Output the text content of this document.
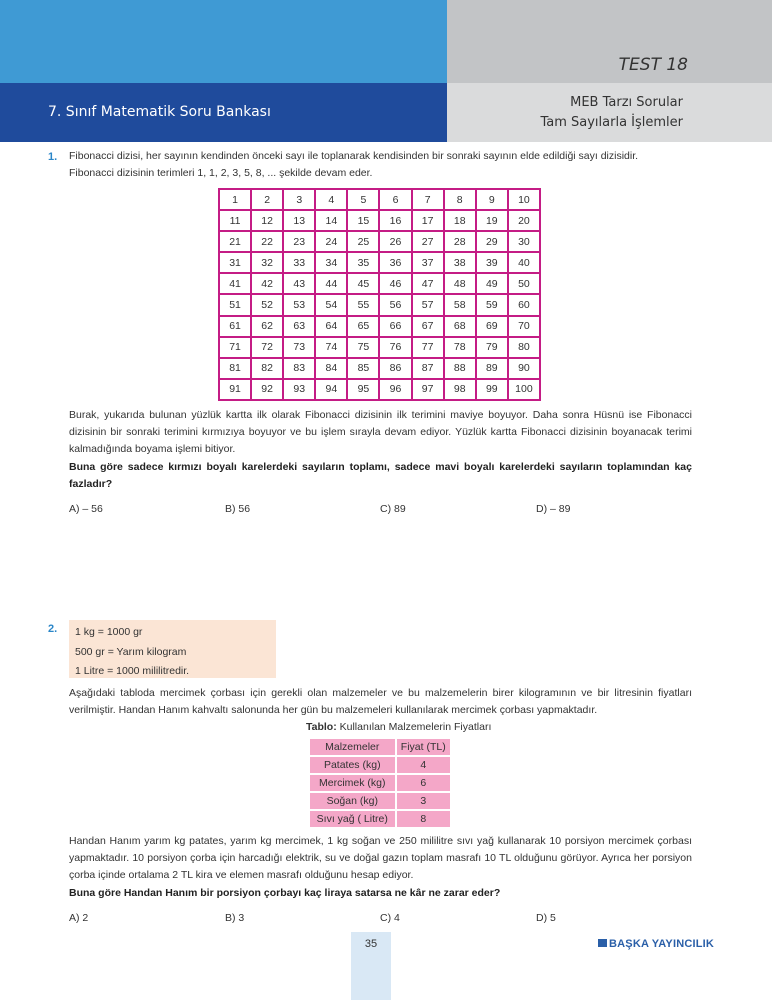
TEST 18
7. Sınıf Matematik Soru Bankası
MEB Tarzı Sorular
Tam Sayılarla İşlemler
1. Fibonacci dizisi, her sayının kendinden önceki sayı ile toplanarak kendisinden bir sonraki sayının elde edildiği sayı dizisidir.
Fibonacci dizisinin terimleri 1, 1, 2, 3, 5, 8, ... şekilde devam eder.
1	2	3	4	5	6	7	8	9	10
11	12	13	14	15	16	17	18	19	20
21	22	23	24	25	26	27	28	29	30
31	32	33	34	35	36	37	38	39	40
41	42	43	44	45	46	47	48	49	50
51	52	53	54	55	56	57	58	59	60
61	62	63	64	65	66	67	68	69	70
71	72	73	74	75	76	77	78	79	80
81	82	83	84	85	86	87	88	89	90
91	92	93	94	95	96	97	98	99	100
Burak, yukarıda bulunan yüzlük kartta ilk olarak Fibonacci dizisinin ilk terimini maviye boyuyor. Daha sonra Hüsnü ise Fibonacci dizisinin bir sonraki terimini kırmızıya boyuyor ve bu işlem sırayla devam ediyor. Yüzlük kartta Fibonacci dizisinin boyanacak terimi kalmadığında boyama işlemi bitiyor.
Buna göre sadece kırmızı boyalı karelerdeki sayıların toplamı, sadece mavi boyalı karelerdeki sayıların toplamından kaç fazladır?
A) – 56	B) 56	C) 89	D) – 89
2. 1 kg = 1000 gr
500 gr = Yarım kilogram
1 Litre = 1000 mililitredir.
Aşağıdaki tabloda mercimek çorbası için gerekli olan malzemeler ve bu malzemelerin birer kilogramının ve bir litresinin fiyatları verilmiştir. Handan Hanım kahvaltı salonunda her gün bu malzemeleri kullanılarak mercimek çorbası yapmaktadır.
Tablo: Kullanılan Malzemelerin Fiyatları
Malzemeler	Fiyat (TL)
Patates (kg)	4
Mercimek (kg)	6
Soğan (kg)	3
Sıvı yağ ( Litre)	8
Handan Hanım yarım kg patates, yarım kg mercimek, 1 kg soğan ve 250 mililitre sıvı yağ kullanarak 10 porsiyon mercimek çorbası yapmaktadır. 10 porsiyon çorba için harcadığı elektrik, su ve doğal gazın toplam masrafı 10 TL olduğunu görüyor. Ayrıca her porsiyon çorba içinde ortalama 2 TL kira ve elemen masrafı olduğunu hesap ediyor.
Buna göre Handan Hanım bir porsiyon çorbayı kaç liraya satarsa ne kâr ne zarar eder?
A) 2	B) 3	C) 4	D) 5
35	BAŞKA YAYINCILIK
